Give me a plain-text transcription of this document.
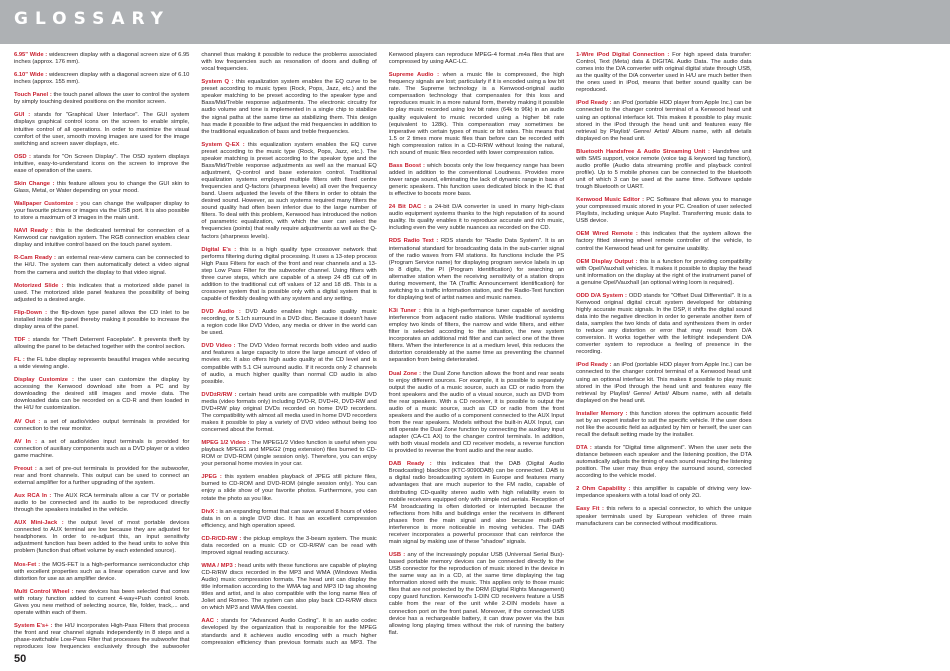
GLOSSARY

6.95" Wide : widescreen display with a diagonal screen size of 6.95 inches (approx. 176 mm).

6.10" Wide : widescreen display with a diagonal screen size of 6.10 inches (approx. 155 mm).

Touch Panel : the touch panel allows the user to control the system by simply touching desired positions on the monitor screen.

GUI : stands for "Graphical User Interface". The GUI system displays graphical control icons on the screen to enable simple, intuitive control of all operations. In order to maximize the visual comfort of the user, smooth moving images are used for the image switching and screen saver displays, etc.

OSD : stands for "On Screen Display". The OSD system displays intuitive, easy-to-understand icons on the screen to improve the ease of operation of the users.

Skin Change : this feature allows you to change the GUI skin to Glass, Metal, or Water depending on your mood.

Wallpaper Customize : you can change the wallpaper display to your favourite pictures or images via the USB port. It is also possible to store a maximum of 3 images in the main unit.

NAVI Ready : this is the dedicated terminal for connection of a Kenwood car navigation system. The RGB connection enables clear display and intuitive control based on the touch panel system.

R-Cam Ready : an external rear-view camera can be connected to the H/U. The system can then automatically detect a video signal from the camera and switch the display to that video signal.

Motorized Slide : this indicates that a motorized slide panel is used. The motorized slide panel features the possibility of being adjusted to a desired angle.

Flip-Down : the flip-down type panel allows the CD inlet to be installed inside the panel thereby making it possible to increase the display area of the panel.

TDF : stands for "Theft Deterrent Faceplate". It prevents theft by allowing the panel to be detached together with the control section.

FL : the FL tube display represents beautiful images while securing a wide viewing angle.

Display Customize : the user can customize the display by accessing the Kenwood download site from a PC and by downloading the desired still images and movie data. The downloaded data can be recorded on a CD-R and then loaded in the H/U for customization.

AV Out : a set of audio/video output terminals is provided for connection to the rear monitor.

AV In : a set of audio/video input terminals is provided for connection of auxiliary components such as a DVD player or a video game machine.

Preout : a set of pre-out terminals is provided for the subwoofer, rear and front channels. This output can be used to connect an external amplifier for a further upgrading of the system.

Aux RCA In : The AUX RCA terminals allow a car TV or portable audio to be connected and its audio to be reproduced directly through the speakers installed in the vehicle.

AUX Mini-Jack : the output level of most portable devices connected to AUX terminal are low because they are adjusted for headphones. In order to re-adjust this, an input sensitivity adjustment function has been added to the head units to solve this problem (function that offset volume by each extended source).

Mos-Fet : the MOS-FET is a high-performance semiconductor chip with excellent properties such as a linear operation curve and low distortion for use as an amplifier device.

Multi Control Wheel : new devices has been selected that comes with rotary function added to current 4-way+Push control knob. Gives you new method of selecting source, file, folder, track,... and operate within each of them.

System E's+ : the H/U incorporates High-Pass Filters that process the front and rear channel signals independently in 8 steps and a phase-switchable Low-Pass Filter that processes the subwoofer that reproduces low frequencies exclusively through the subwoofer channel thus making it possible to reduce the problems associated with low frequencies such as resonation of doors and dulling of vocal frequencies.

System Q : this equalization system enables the EQ curve to be preset according to music types (Rock, Pops, Jazz, etc.) and the speaker matching to be preset according to the speaker type and Bass/Mid/Treble response adjustments. The electronic circuitry for audio volume and tone is implemented in a single chip to stabilize the signal paths at the same time as stabilizing them. This design has made it possible to fine adjust the mid frequencies in addition to the traditional equalization of bass and treble frequencies.

System Q-EX : this equalization system enables the EQ curve preset according to the music type (Rock, Pops, Jazz, etc.). The speaker matching is preset according to the speaker type and the Bass/Mid/Treble response adjustments as well as the manual EQ adjustment, Q-control and base extension control. Traditional equalization systems employed multiple filters with fixed centre frequencies and Q-factors (sharpness levels) all over the frequency band. Users adjusted the levels of the filters in order to obtain the desired sound. However, as such systems required many filters the sound quality had often been inferior due to the large number of filters. To deal with this problem, Kenwood has introduced the notion of parametric equalization, with which the user can select the frequencies (points) that really require adjustments as well as the Q-factors (sharpness levels).

Digital E's : this is a high quality type crossover network that performs filtering during digital processing. It uses a 13-step process High Pass Filters for each of the front and rear channels and a 13-step Low Pass Filter for the subwoofer channel. Using filters with three curve steps, which are capable of a steep 24 dB cut off in addition to the traditional cut off values of 12 and 18 dB. This is a crossover system that is possible only with a digital system that is capable of flexibly dealing with any system and any setting.

DVD Audio : DVD Audio enables high audio quality music recording, or 5.1ch surround in a DVD disc. Because it doesn't have a region code like DVD Video, any media or driver in the world can be used.

DVD Video : The DVD Video format records both video and audio and features a large capacity to store the large amount of video of movies etc. It also offers high audio quality at the CD level and is compatible with 5.1 CH surround audio. If it records only 2 channels of audio, a much higher quality than normal CD audio is also possible.

DVD±R/RW : certain head units are compatible with multiple DVD media (video formats only) including DVD-R, DVD+R, DVD-RW and DVD+RW play original DVDs recorded on home DVD recorders. The compatibility with almost all media used in home DVD recorders makes it possible to play a variety of DVD video without being too concerned about the format.

MPEG 1/2 Video : The MPEG1/2 Video function is useful when you playback MPEG1 and MPEG2 (mpg extension) files burned to CD-ROM or DVD-ROM (single session only). Therefore, you can enjoy your personal home movies in your car.

JPEG : this system enables playback of JPEG still picture files, burned to CD-ROM and DVD-ROM (single session only). You can enjoy a slide show of your favorite photos. Furthermore, you can rotate the photo as you like.

DivX : is an expanding format that can save around 8 hours of video data in on a single DVD disc. It has an excellent compression efficiency, and high operation speed.

CD-R/CD-RW : the pickup employs the 3-beam system. The music data recorded on a music CD or CD-R/RW can be read with improved signal reading accuracy.

WMA / MP3 : head units with these functions are capable of playing CD-R/RW discs recorded in the MP3 and WMA (Windows Media Audio) music compression formats. The head unit can display the title information according to the WMA tag and MP3 ID tag showing titles and artist, and is also compatible with the long name files of Joliet and Romeo. The system can also play back CD-R/RW discs on which MP3 and WMA files coexist.

AAC : stands for "Advanced Audio Coding". It is an audio codec developed by the organization that is responsible for the MPEG standards and it achieves audio encoding with a much higher compression efficiency than previous formats such as MP3. The Kenwood players can reproduce MPEG-4 format .m4a files that are compressed by using AAC-LC.

Supreme Audio : when a music file is compressed, the high frequency signals are lost; particularly if it is encoded using a low bit rate. The Supreme technology is a Kenwood-original audio compensation technology that compensates for this loss and reproduces music in a more natural form, thereby making it possible to play music recorded using low bit rates (64k to 96k) in an audio quality equivalent to music recorded using a higher bit rate (equivalent to 128k). This compensation may sometimes be imperative with certain types of music or bit rates. This means that 1.5 or 2 times more music files than before can be recorded with high compression ratios in a CD-R/RW without losing the natural, rich sound of music files recorded with lower compression ratios.

Bass Boost : which boosts only the low frequency range has been added in addition to the conventional Loudness. Provides more lower range sound, eliminating the lack of dynamic range in bass of generic speakers. This function uses dedicated block in the IC that is effective to boosts more bass.

24 Bit DAC : a 24-bit D/A converter is used in many high-class audio equipment systems thanks to the high reputation of its sound quality. Its quality enables it to reproduce accurate and rich music, including even the very subtle nuances as recorded on the CD.

RDS Radio Text : RDS stands for "Radio Data System". It is an international standard for broadcasting data in the sub-carrier signal of the radio waves from FM stations. Its functions include the PS (Program Service name) for displaying program service labels in up to 8 digits, the PI (Program Identification) for searching an alternative station when the receiving sensitivity of a station drops during movement, the TA (Traffic Announcement identification) for switching to a traffic information station, and the Radio-Text function for displaying text of artist names and music names.

K3i Tuner : this is a high-performance tuner capable of avoiding interference from adjacent radio stations. While traditional systems employ two kinds of filters, the narrow and wide filters, and either filter is selected according to the situation, the new system incorporates an additional mid filter and can select one of the three filters. When the interference is at a medium level, this reduces the distortion considerably at the same time as preventing the channel separation from being deteriorated.

Dual Zone : the Dual Zone function allows the front and rear seats to enjoy different sources. For example, it is possible to separately output the audio of a music source, such as CD or radio from the front speakers and the audio of a visual source, such as DVD from the rear speakers. With a CD receiver, it is possible to output the audio of a music source, such as CD or radio from the front speakers and the audio of a component connected to the AUX Input from the rear speakers. Models without the built-in AUX Input, can still operate the Dual Zone function by connecting the auxiliary input adapter (CA-C1 AX) to the changer control terminals. In addition, with both visual models and CD receiver models, a reverse function is provided to reverse the front audio and the rear audio.

DAB Ready : this indicates that the DAB (Digital Audio Broadcasting) blackbox (KTC-9090DAB) can be connected. DAB is a digital radio broadcasting system in Europe and features many advantages that are much superior to the FM radio, capable of distributing CD-quality stereo audio with high reliability even to mobile receivers equipped only with simple rod aerials. Reception of FM broadcasting is often distorted or interrupted because the reflections from hills and buildings enter the receivers in different phases from the main signal and also because multi-path interference is more noticeable in moving vehicles. The DAB receiver incorporates a powerful processor that can reinforce the main signal by making use of these "shadow" signals.

USB : any of the increasingly popular USB (Universal Serial Bus)-based portable memory devices can be connected directly to the USB connector for the reproduction of music stored in the device in the same way as in a CD, at the same time displaying the tag information stored with the music. This applies only to those music files that are not protected by the DRM (Digital Rights Management) copy guard function. Kenwood's 1-DIN CD receivers feature a USB cable from the rear of the unit while 2-DIN models have a connection port on the front panel. Moreover, if the connected USB device has a rechargeable battery, it can draw power via the bus allowing long playing times without the risk of running the battery flat.

1-Wire iPod Digital Connection : For high speed data transfer: Control, Text (Meta) data & DIGITAL Audio Data. The audio data comes into the D/A converter with original digital state through USB, as the quality of the D/A converter used in H/U are much better then the ones used in iPod, means that better sound quality can be reproduced.

iPod Ready : an iPod (portable HDD player from Apple Inc.) can be connected to the changer control terminal of a Kenwood head unit using an optional interface kit. This makes it possible to play music stored in the iPod through the head unit and features easy file retrieval by Playlist/ Genre/ Artist/ Album name, with all details displayed on the head unit.

Bluetooth Handsfree & Audio Streaming Unit : Handsfree unit with SMS support, voice remote (voice tag & keyword tag function), audio profile (Audio data streaming profile and playback control profile). Up to 5 mobile phones can be connected to the bluetooth unit of which 3 can be used at the same time. Software update trough Bluetooth or UART.

Kenwood Music Editor : PC Software that allows you to manage your compressed music stored in your PC. Creation of user selected Playlists, including unique Auto Playlist. Transferring music data to USB device.

OEM Wired Remote : this indicates that the system allows the factory fitted steering wheel remote controller of the vehicle, to control the Kenwood head unit for genuine usability.

OEM Display Output : this is a function for providing compatibility with Opel/Vauxhall vehicles. It makes it possible to display the head unit information on the display at the right of the instrument panel of a genuine Opel/Vauxhall (an optional wiring loom is required).

ODD D/A System : ODD stands for "Offset Dual Differential". It is a Kenwood original digital circuit system developed for obtaining highly accurate music signals. In the DSP, it shifts the digital sound data into the negative direction in order to generate another item of data, samples the two kinds of data and synthesizes them in order to reduce any distortion or error that may result from D/A conversion. It works together with the left/right independent D/A converter system to reproduce a feeling of presence in the recording.

iPod Ready : an iPod (portable HDD player from Apple Inc.) can be connected to the changer control terminal of a Kenwood head unit using an optional interface kit. This makes it possible to play music stored in the iPod through the head unit and features easy file retrieval by Playlist/ Genre/ Artist/ Album name, with all details displayed on the head unit.

Installer Memory : this function stores the optimum acoustic field set by an expert installer to suit the specific vehicle. If the user does not like the acoustic field as adjusted by him or herself, the user can recall the default setting made by the installer.

DTA : stands for "Digital time alignment". When the user sets the distance between each speaker and the listening position, the DTA automatically adjusts the timing of each sound reaching the listening position. The user may thus enjoy the surround sound, corrected according to the vehicle model.

2 Ohm Capability : this amplifier is capable of driving very low-impedance speakers with a total load of only 2Ω.

Easy Fit : this refers to a special connector, to which the unique speaker terminals used by European vehicles of three main manufacturers can be connected without modifications.

50
